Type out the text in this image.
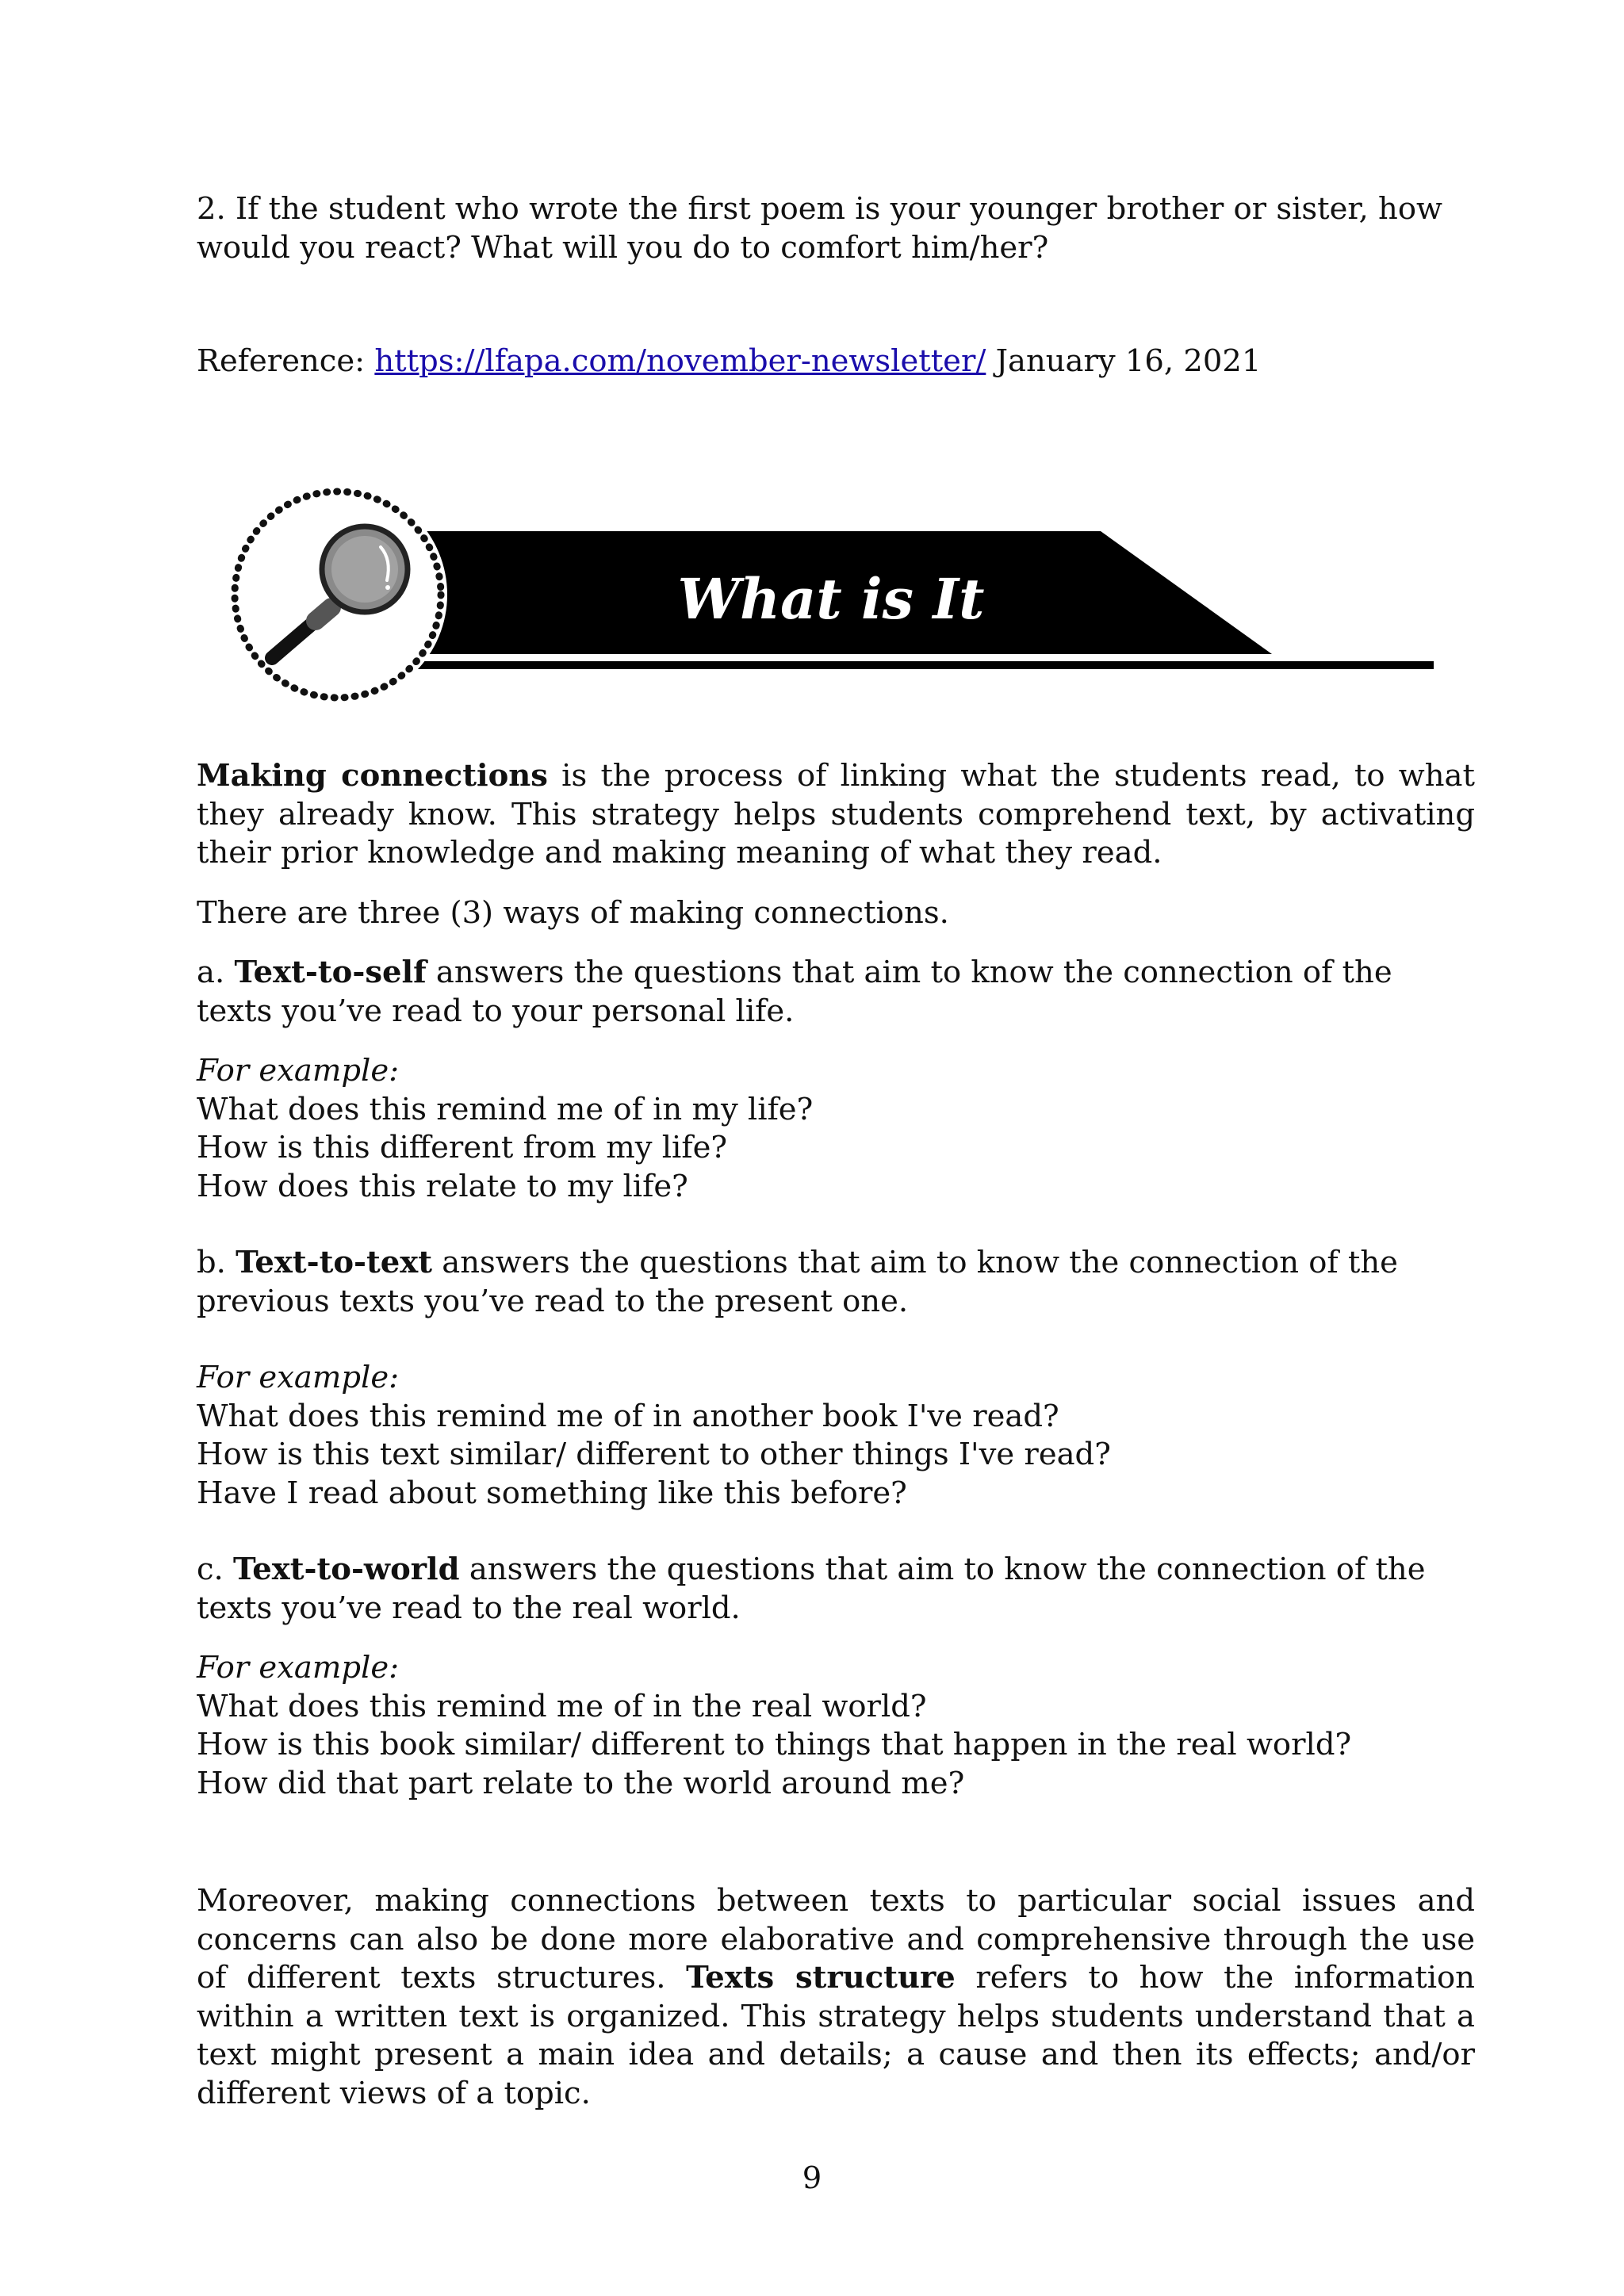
2. If the student who wrote the first poem is your younger brother or sister, how would you react? What will you do to comfort him/her?

Reference: https://lfapa.com/november-newsletter/ January 16, 2021

What is It

Making connections is the process of linking what the students read, to what they already know. This strategy helps students comprehend text, by activating their prior knowledge and making meaning of what they read.

There are three (3) ways of making connections.

a. Text-to-self answers the questions that aim to know the connection of the texts you’ve read to your personal life.

For example:

What does this remind me of in my life?

How is this different from my life?

How does this relate to my life?

b. Text-to-text answers the questions that aim to know the connection of the previous texts you’ve read to the present one.

For example:

What does this remind me of in another book I've read?

How is this text similar/ different to other things I've read?

Have I read about something like this before?

c. Text-to-world answers the questions that aim to know the connection of the texts you’ve read to the real world.

For example:

What does this remind me of in the real world?

How is this book similar/ different to things that happen in the real world?

How did that part relate to the world around me?

Moreover, making connections between texts to particular social issues and concerns can also be done more elaborative and comprehensive through the use of different texts structures. Texts structure refers to how the information within a written text is organized. This strategy helps students understand that a text might present a main idea and details; a cause and then its effects; and/or different views of a topic.

9
